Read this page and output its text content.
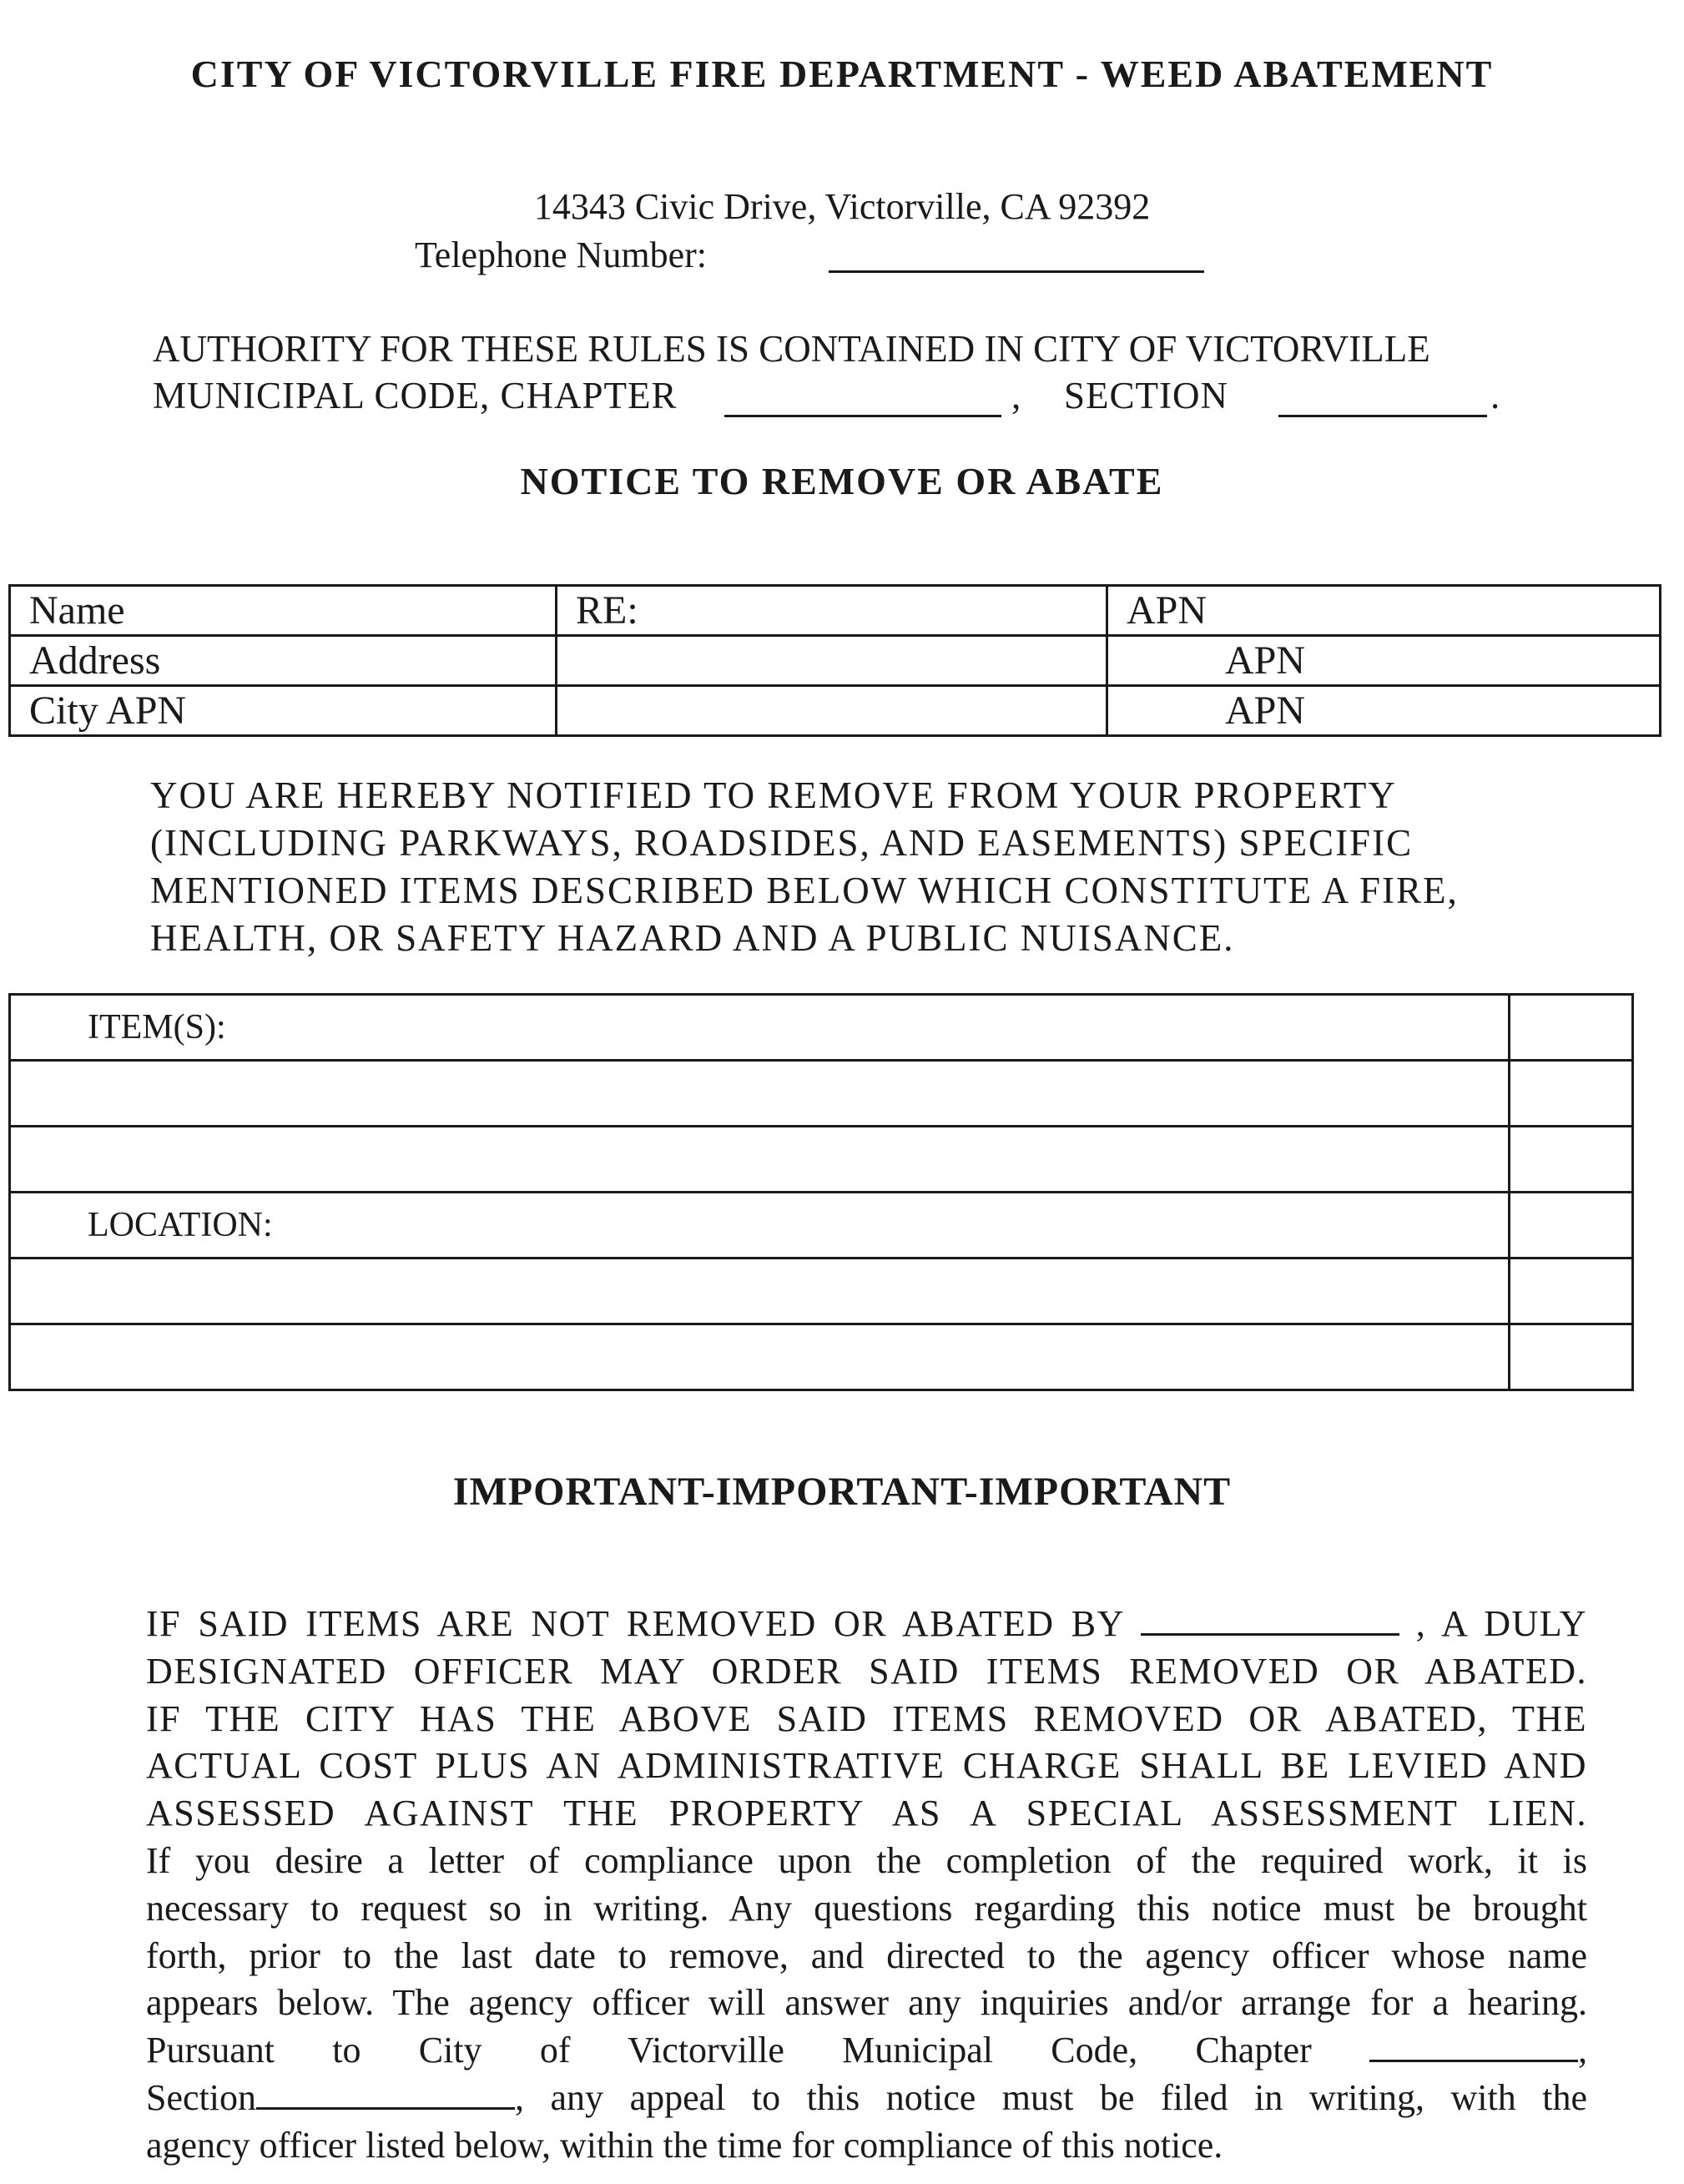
CITY OF VICTORVILLE FIRE DEPARTMENT - WEED ABATEMENT
14343 Civic Drive, Victorville, CA 92392
Telephone Number:
AUTHORITY FOR THESE RULES IS CONTAINED IN CITY OF VICTORVILLE
MUNICIPAL CODE, CHAPTER	, SECTION	.
NOTICE TO REMOVE OR ABATE
Name	RE:	APN
Address		APN
City APN		APN
YOU ARE HEREBY NOTIFIED TO REMOVE FROM YOUR PROPERTY
(INCLUDING PARKWAYS, ROADSIDES, AND EASEMENTS) SPECIFIC
MENTIONED ITEMS DESCRIBED BELOW WHICH CONSTITUTE A FIRE,
HEALTH, OR SAFETY HAZARD AND A PUBLIC NUISANCE.
ITEM(S):	

LOCATION:	

IMPORTANT-IMPORTANT-IMPORTANT
IF SAID ITEMS ARE NOT REMOVED OR ABATED BY	, A DULY
DESIGNATED OFFICER MAY ORDER SAID ITEMS REMOVED OR ABATED.
IF THE CITY HAS THE ABOVE SAID ITEMS REMOVED OR ABATED, THE
ACTUAL COST PLUS AN ADMINISTRATIVE CHARGE SHALL BE LEVIED AND
ASSESSED AGAINST THE PROPERTY AS A SPECIAL ASSESSMENT LIEN.
If you desire a letter of compliance upon the completion of the required work, it is
necessary to request so in writing. Any questions regarding this notice must be brought
forth, prior to the last date to remove, and directed to the agency officer whose name
appears below. The agency officer will answer any inquiries and/or arrange for a hearing.
Pursuant to City of Victorville Municipal Code, Chapter	,
Section	, any appeal to this notice must be filed in writing, with the
agency officer listed below, within the time for compliance of this notice.
